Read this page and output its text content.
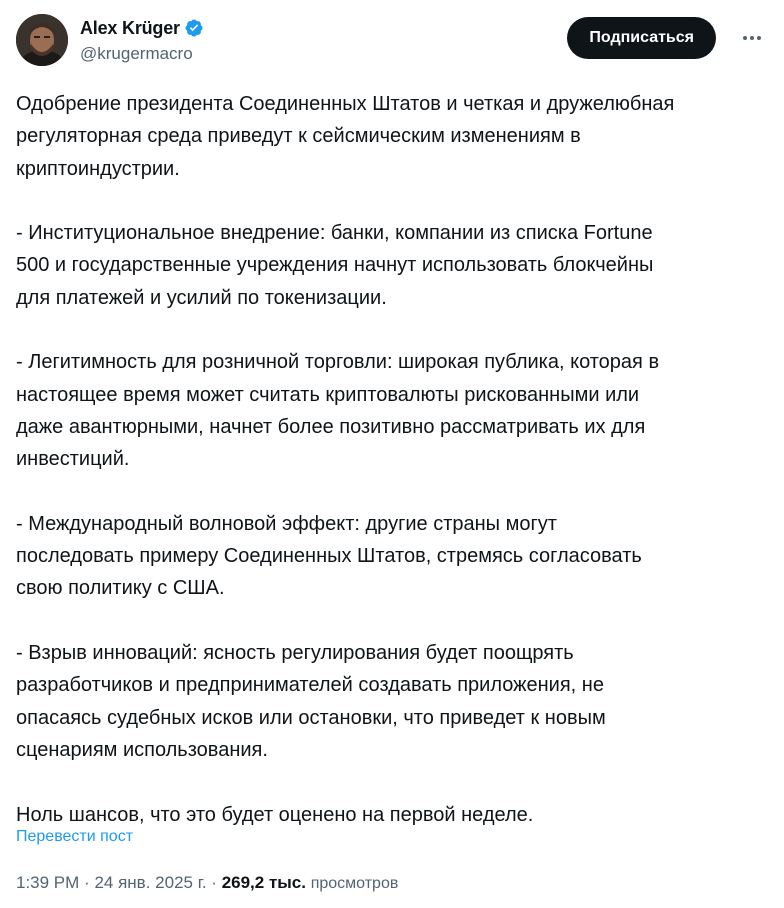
Alex Krüger
@krugermacro
Подписаться

Одобрение президента Соединенных Штатов и четкая и дружелюбная

регуляторная среда приведут к сейсмическим изменениям в

криптоиндустрии.

- Институциональное внедрение: банки, компании из списка Fortune

500 и государственные учреждения начнут использовать блокчейны

для платежей и усилий по токенизации.

- Легитимность для розничной торговли: широкая публика, которая в

настоящее время может считать криптовалюты рискованными или

даже авантюрными, начнет более позитивно рассматривать их для

инвестиций.

- Международный волновой эффект: другие страны могут

последовать примеру Соединенных Штатов, стремясь согласовать

свою политику с США.

- Взрыв инноваций: ясность регулирования будет поощрять

разработчиков и предпринимателей создавать приложения, не

опасаясь судебных исков или остановки, что приведет к новым

сценариям использования.

Ноль шансов, что это будет оценено на первой неделе.

Перевести пост
1:39 PM · 24 янв. 2025 г. · 269,2 тыс. просмотров
